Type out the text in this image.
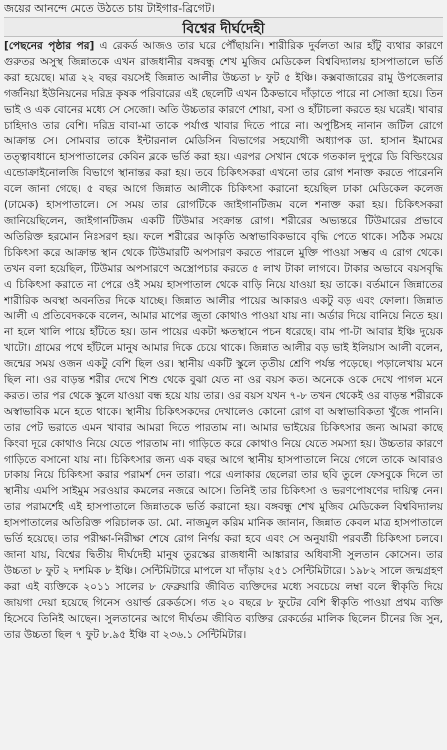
জয়ের আনন্দে মেতে উঠতে চায় টাইগার-ব্রিগেট।
বিশ্বের দীর্ঘদেহী
[পেছনের পৃষ্ঠার পর] এ রেকর্ড আজও তার ঘরে পৌঁছায়নি। শারীরিক দুর্বলতা আর হাঁটু ব্যথার কারণে গুরুতর অসুস্থ জিন্নাতকে এখন রাজধানীর বঙ্গবন্ধু শেখ মুজিব মেডিকেল বিশ্ববিদ্যালয় হাসপাতালে ভর্তি করা হয়েছে। মাত্র ২২ বছর বয়সেই জিন্নাত আলীর উচ্চতা ৮ ফুট ৫ ইঞ্চি। কক্সবাজারের রামু উপজেলার গর্জনিয়া ইউনিয়নের দরিদ্র কৃষক পরিবারের এই ছেলেটি এখন ঠিকভাবে দাঁড়াতে পারে না সোজা হয়ে। তিন ভাই ও এক বোনের মধ্যে সে সেজো। অতি উচ্চতার কারণে শোয়া, বসা ও হাঁটাচলা করতে হয় ঘরেই। খাবার চাহিদাও তার বেশি। দরিদ্র বাবা-মা তাকে পর্যাপ্ত খাবার দিতে পারে না। অপুষ্টিসহ নানান জটিল রোগে আক্রান্ত সে। সোমবার তাকে ইন্টারনাল মেডিসিন বিভাগের সহযোগী অধ্যাপক ডা. হাসান ইমামের তত্ত্বাবধানে হাসপাতালের কেবিন ব্লকে ভর্তি করা হয়। এরপর সেখান থেকে গতকাল দুপুরে ডি বিল্ডিংয়ের এন্ডোক্রাইনোলজি বিভাগে স্থানান্তর করা হয়। তবে চিকিৎসকরা এখনো তার রোগ শনাক্ত করতে পারেননি বলে জানা গেছে। ৫ বছর আগে জিন্নাত আলীকে চিকিৎসা করানো হয়েছিল ঢাকা মেডিকেল কলেজ (ঢামেক) হাসপাতালে। সে সময় তার রোগটিকে জাইগানটিজম বলে শনাক্ত করা হয়। চিকিৎসকরা জানিয়েছিলেন, জাইগানটিজম একটি টিউমার সংক্রান্ত রোগ। শরীরের অভ্যন্তরে টিউমারের প্রভাবে অতিরিক্ত হরমোন নিঃসরণ হয়। ফলে শরীরের আকৃতি অস্বাভাবিকভাবে বৃদ্ধি পেতে থাকে। সঠিক সময়ে চিকিৎসা করে আক্রান্ত স্থান থেকে টিউমারটি অপসারণ করতে পারলে মুক্তি পাওয়া সম্ভব এ রোগ থেকে। তখন বলা হয়েছিল, টিউমার অপসারণে অস্ত্রোপচার করতে ৫ লাখ টাকা লাগবে। টাকার অভাবে বয়সবৃদ্ধি এ চিকিৎসা করাতে না পেরে ওই সময় হাসপাতাল থেকে বাড়ি নিয়ে যাওয়া হয় তাকে। বর্তমানে জিন্নাতের শারীরিক অবস্থা অবনতির দিকে যাচ্ছে। জিন্নাত আলীর পায়ের আকারও একটু বড় এবং ফোলা। জিন্নাত আলী এ প্রতিবেদককে বলেন, আমার মাপের জুতা কোথাও পাওয়া যায় না। অর্ডার দিয়ে বানিয়ে নিতে হয়। না হলে খালি পায়ে হাঁটতে হয়। ডান পায়ের একটা ক্ষতস্থানে পচন ধরেছে। বাম পা-টা আবার ইঞ্চি দুয়েক খাটো। গ্রামের পথে হাঁটলে মানুষ আমার দিকে চেয়ে থাকে। জিন্নাত আলীর বড় ভাই ইলিয়াস আলী বলেন, জন্মের সময় ওজন একটু বেশি ছিল ওর। স্থানীয় একটি স্কুলে তৃতীয় শ্রেণি পর্যন্ত পড়েছে। পড়ালেখায় মনে ছিল না। ওর বাড়ন্ত শরীর দেখে শিশু থেকে বুঝা যেত না ওর বয়স কত। অনেকে ওকে দেখে পাগল মনে করত। তার পর থেকে স্কুলে যাওয়া বন্ধ হয়ে যায় তার। ওর বয়স যখন ৭-৮ তখন থেকেই ওর বাড়ন্ত শরীরকে অস্বাভাবিক মনে হতে থাকে। স্থানীয় চিকিৎসকদের দেখালেও কোনো রোগ বা অস্বাভাবিকতা খুঁজে পাননি। তার পেট ভরাতে এমন খাবার আমরা দিতে পারতাম না। আমার ভাইয়ের চিকিৎসার জন্য আমরা কাছে কিংবা দূরে কোথাও নিয়ে যেতে পারতাম না। গাড়িতে করে কোথাও নিয়ে যেতে সমস্যা হয়। উচ্চতার কারণে গাড়িতে বসানো যায় না। চিকিৎসার জন্য এক বছর আগে স্থানীয় হাসপাতালে নিয়ে গেলে তাকে আবারও ঢাকায় নিয়ে চিকিৎসা করার পরামর্শ দেন তারা। পরে এলাকার ছেলেরা তার ছবি তুলে ফেসবুকে দিলে তা স্থানীয় এমপি সাইমুম সরওয়ার কমলের নজরে আসে। তিনিই তার চিকিৎসা ও ভরণপোষণের দায়িত্ব নেন। তার পরামর্শেই এই হাসপাতালে জিন্নাতকে ভর্তি করানো হয়। বঙ্গবন্ধু শেখ মুজিব মেডিকেল বিশ্ববিদ্যালয় হাসপাতালের অতিরিক্ত পরিচালক ডা. মো. নাজমুল করিম মানিক জানান, জিন্নাত কেবল মাত্র হাসপাতালে ভর্তি হয়েছে। তার পরীক্ষা-নিরীক্ষা শেষে রোগ নির্ণয় করা হবে এবং সে অনুযায়ী পরবর্তী চিকিৎসা চলবে। জানা যায়, বিশ্বের দ্বিতীয় দীর্ঘদেহী মানুষ তুরস্কের রাজধানী আঙ্কারার অধিবাসী সুলতান কোসেন। তার উচ্চতা ৮ ফুট ২ দশমিক ৮ ইঞ্চি। সেন্টিমিটারে মাপলে যা দাঁড়ায় ২৫১ সেন্টিমিটারে। ১৯৮২ সালে জন্মগ্রহণ করা এই ব্যক্তিকে ২০১১ সালের ৮ ফেব্রুয়ারি জীবিত ব্যক্তিদের মধ্যে সবচেয়ে লম্বা বলে স্বীকৃতি দিয়ে জায়গা দেয়া হয়েছে গিনেস ওয়ার্ল্ড রেকর্ডসে। গত ২০ বছরে ৮ ফুটের বেশি স্বীকৃতি পাওয়া প্রথম ব্যক্তি হিসেবে তিনিই আছেন। সুলতানের আগে দীর্ঘতম জীবিত ব্যক্তির রেকর্ডের মালিক ছিলেন চীনের জি সুন, তার উচ্চতা ছিল ৭ ফুট ৮.৯৫ ইঞ্চি বা ২৩৬.১ সেন্টিমিটার।
